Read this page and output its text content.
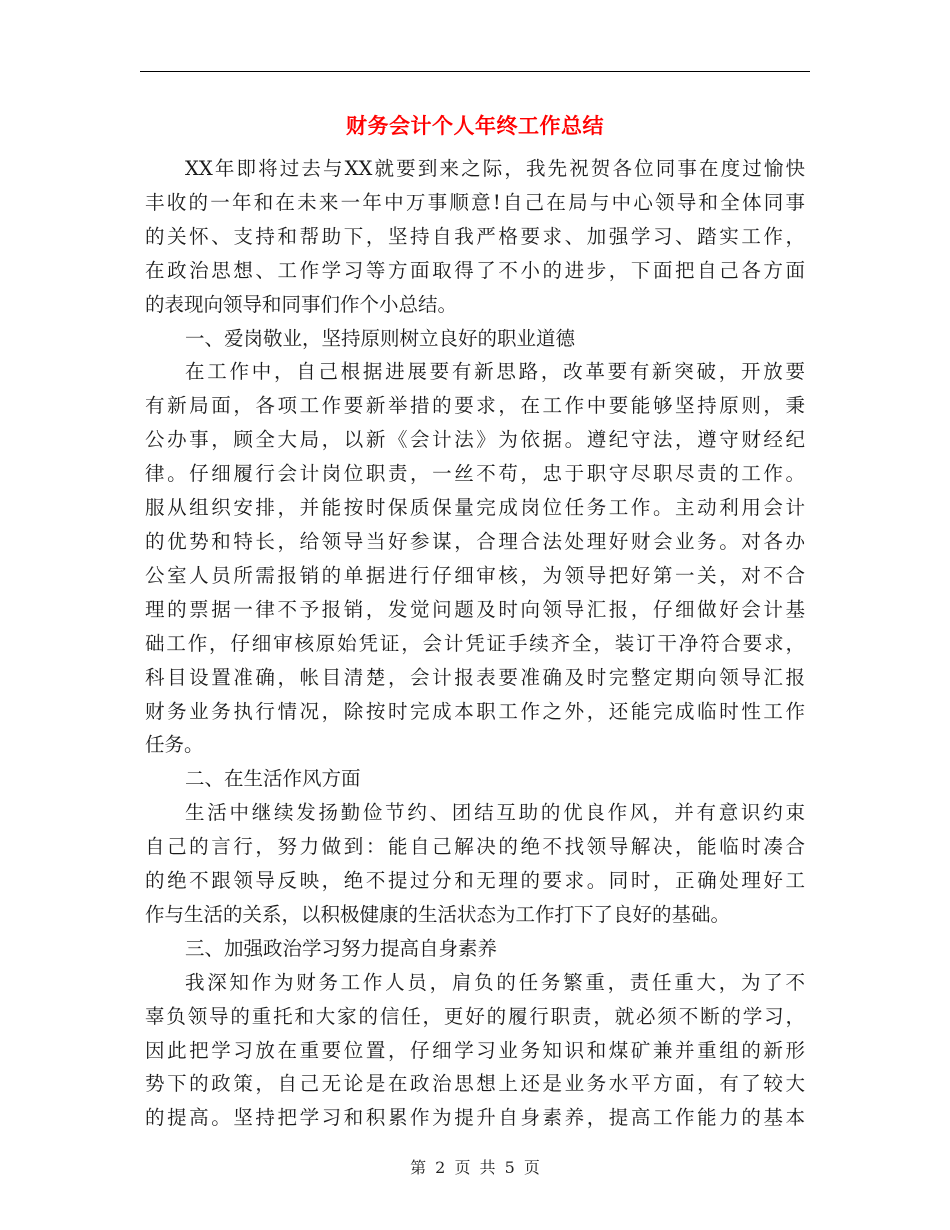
财务会计个人年终工作总结
XX年即将过去与XX就要到来之际，我先祝贺各位同事在度过愉快
丰收的一年和在未来一年中万事顺意!自己在局与中心领导和全体同事
的关怀、支持和帮助下，坚持自我严格要求、加强学习、踏实工作，
在政治思想、工作学习等方面取得了不小的进步，下面把自己各方面
的表现向领导和同事们作个小总结。
一、爱岗敬业，坚持原则树立良好的职业道德
在工作中，自己根据进展要有新思路，改革要有新突破，开放要
有新局面，各项工作要新举措的要求，在工作中要能够坚持原则，秉
公办事，顾全大局，以新《会计法》为依据。遵纪守法，遵守财经纪
律。仔细履行会计岗位职责，一丝不苟，忠于职守尽职尽责的工作。
服从组织安排，并能按时保质保量完成岗位任务工作。主动利用会计
的优势和特长，给领导当好参谋，合理合法处理好财会业务。对各办
公室人员所需报销的单据进行仔细审核，为领导把好第一关，对不合
理的票据一律不予报销，发觉问题及时向领导汇报，仔细做好会计基
础工作，仔细审核原始凭证，会计凭证手续齐全，装订干净符合要求，
科目设置准确，帐目清楚，会计报表要准确及时完整定期向领导汇报
财务业务执行情况，除按时完成本职工作之外，还能完成临时性工作
任务。
二、在生活作风方面
生活中继续发扬勤俭节约、团结互助的优良作风，并有意识约束
自己的言行，努力做到：能自己解决的绝不找领导解决，能临时凑合
的绝不跟领导反映，绝不提过分和无理的要求。同时，正确处理好工
作与生活的关系，以积极健康的生活状态为工作打下了良好的基础。
三、加强政治学习努力提高自身素养
我深知作为财务工作人员，肩负的任务繁重，责任重大，为了不
辜负领导的重托和大家的信任，更好的履行职责，就必须不断的学习，
因此把学习放在重要位置，仔细学习业务知识和煤矿兼并重组的新形
势下的政策，自己无论是在政治思想上还是业务水平方面，有了较大
的提高。坚持把学习和积累作为提升自身素养，提高工作能力的基本
第 2 页 共 5 页
